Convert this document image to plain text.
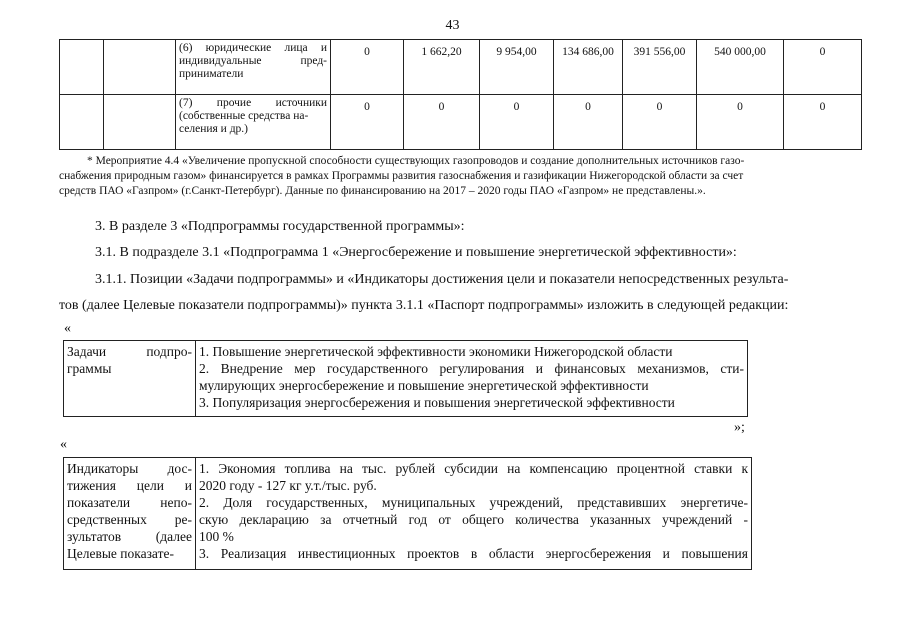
43

		(6) юридические лица и
индивидуальные пред-
приниматели	0	1 662,20	9 954,00	134 686,00	391 556,00	540 000,00	0

		(7) прочие источники
(собственные средства на-
селения и др.)	0	0	0	0	0	0	0
* Мероприятие 4.4 «Увеличение пропускной способности существующих газопроводов и создание дополнительных источников газо-
снабжения природным газом» финансируется в рамках Программы развития газоснабжения и газификации Нижегородской области за счет
средств ПАО «Газпром» (г.Санкт-Петербург). Данные по финансированию на 2017 – 2020 годы ПАО «Газпром» не представлены.».
3. В разделе 3 «Подпрограммы государственной программы»:
3.1. В подразделе 3.1 «Подпрограмма 1 «Энергосбережение и повышение энергетической эффективности»:
3.1.1. Позиции «Задачи подпрограммы» и «Индикаторы достижения цели и показатели непосредственных результа-
тов (далее Целевые показатели подпрограммы)» пункта 3.1.1 «Паспорт подпрограммы» изложить в следующей редакции:
«
Задачи подпро-
граммы

1. Повышение энергетической эффективности экономики Нижегородской области
2. Внедрение мер государственного регулирования и финансовых механизмов, сти-
мулирующих энергосбережение и повышение энергетической эффективности
3. Популяризация энергосбережения и повышения энергетической эффективности
»;
«
Индикаторы дос-
тижения цели и
показатели непо-
средственных ре-
зультатов (далее
Целевые показате-

1. Экономия топлива на тыс. рублей субсидии на компенсацию процентной ставки к
2020 году - 127 кг у.т./тыс. руб.
2. Доля государственных, муниципальных учреждений, представивших энергетиче-
скую декларацию за отчетный год от общего количества указанных учреждений -
100 %
3. Реализация инвестиционных проектов в области энергосбережения и повышения
